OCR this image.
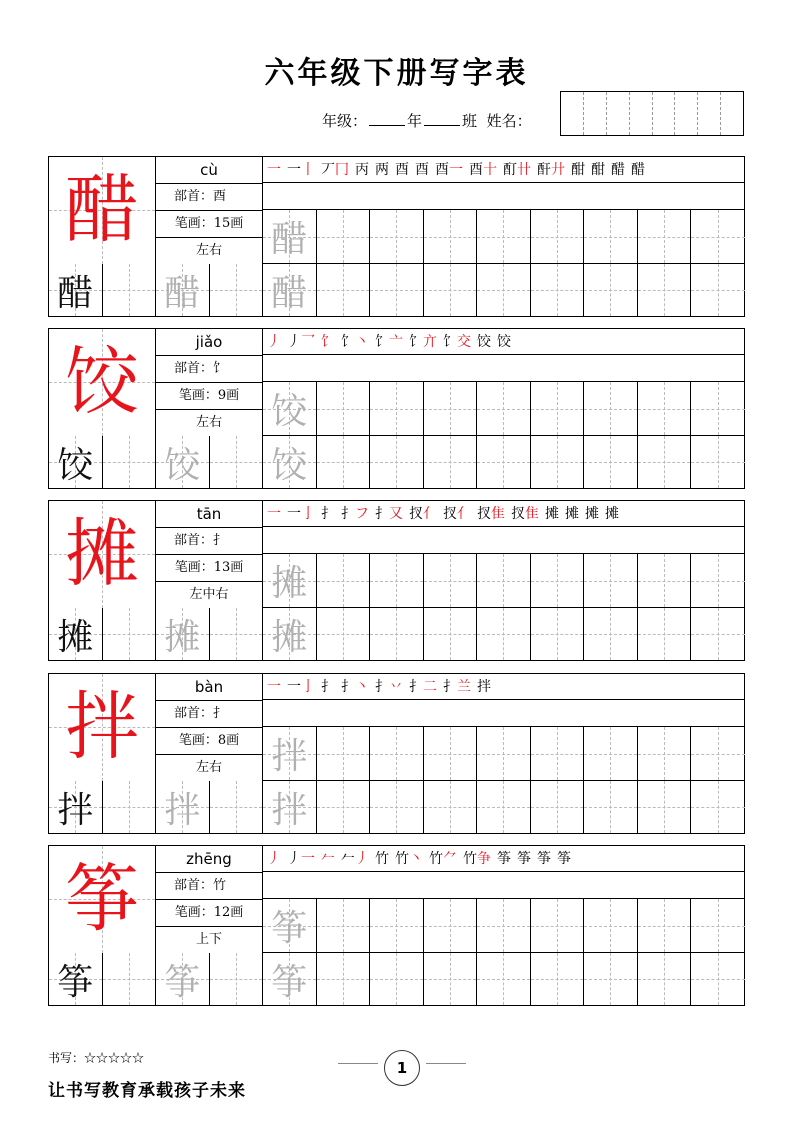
六年级下册写字表
年级：	年	班 姓名：
醋	cù
部首：酉
笔画：15画
左右
一 一丨 丆冂 丙 两 酉 酉 酉一 酉十 酊卄 酐廾 酣 酣 醋 醋
醋
醋 醋 醋
饺	jiǎo
部首：饣
笔画：9画
左右
丿 丿乛 饣 饣丶 饣亠 饣亣 饣交 饺 饺
饺
饺 饺 饺
摊	tān
部首：扌
笔画：13画
左中右
一 一亅 扌 扌フ 扌又 扠亻 扠亻 扠隹 扠隹 摊 摊 摊 摊
摊
摊 摊 摊
拌	bàn
部首：扌
笔画：8画
左右
一 一亅 扌 扌丶 扌丷 扌二 扌兰 拌
拌
拌 拌 拌
筝	zhēng
部首：竹
笔画：12画
上下
丿 丿一 𠂉 𠂉丿 竹 竹丶 竹⺈ 竹争 筝 筝 筝 筝
筝
筝 筝 筝
书写：☆☆☆☆☆
让书写教育承载孩子未来
1
